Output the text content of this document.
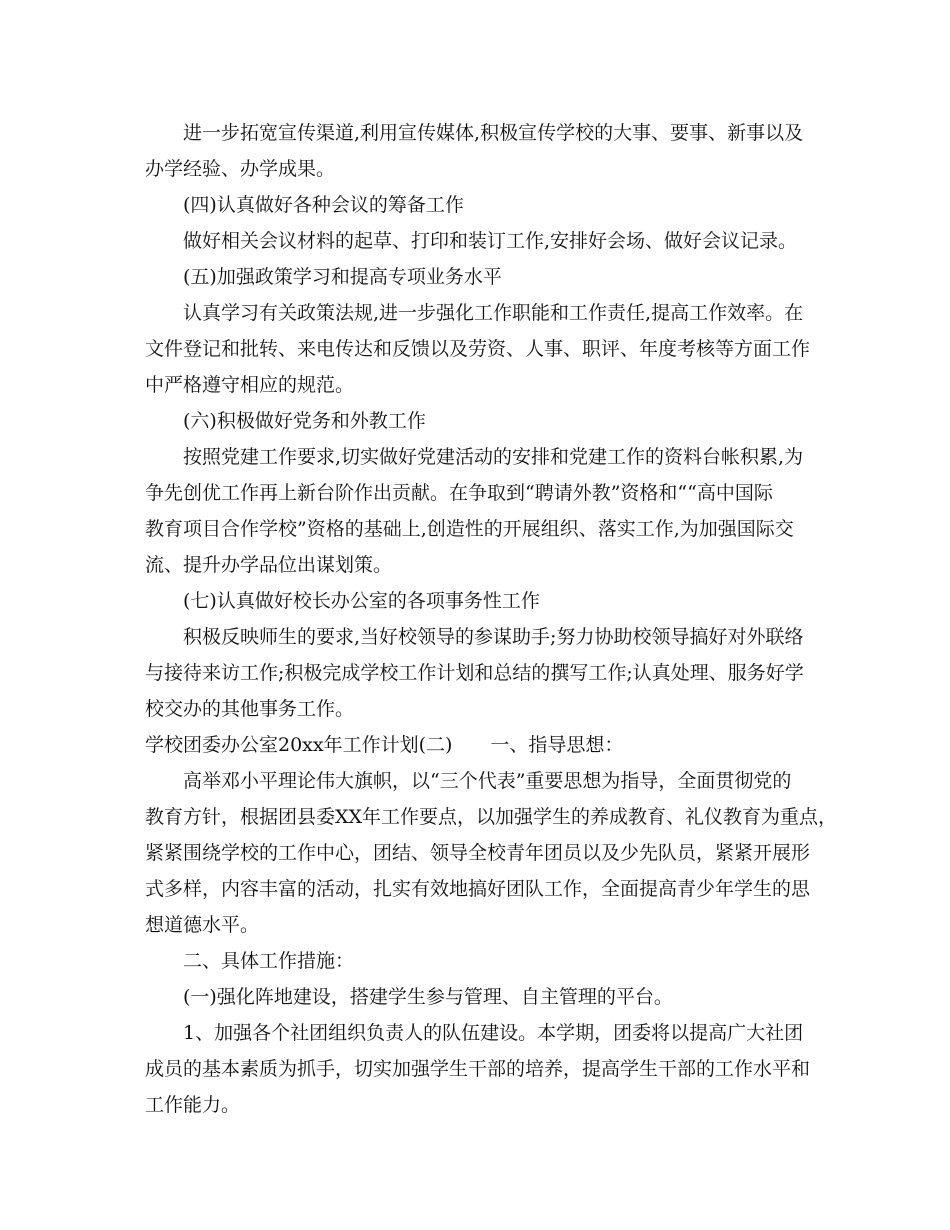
进一步拓宽宣传渠道,利用宣传媒体,积极宣传学校的大事、要事、新事以及
办学经验、办学成果。
(四)认真做好各种会议的筹备工作
做好相关会议材料的起草、打印和装订工作,安排好会场、做好会议记录。
(五)加强政策学习和提高专项业务水平
认真学习有关政策法规,进一步强化工作职能和工作责任,提高工作效率。在
文件登记和批转、来电传达和反馈以及劳资、人事、职评、年度考核等方面工作
中严格遵守相应的规范。
(六)积极做好党务和外教工作
按照党建工作要求,切实做好党建活动的安排和党建工作的资料台帐积累,为
争先创优工作再上新台阶作出贡献。在争取到“聘请外教”资格和““高中国际
教育项目合作学校”资格的基础上,创造性的开展组织、落实工作,为加强国际交
流、提升办学品位出谋划策。
(七)认真做好校长办公室的各项事务性工作
积极反映师生的要求,当好校领导的参谋助手;努力协助校领导搞好对外联络
与接待来访工作;积极完成学校工作计划和总结的撰写工作;认真处理、服务好学
校交办的其他事务工作。
学校团委办公室20xx年工作计划(二)　　一、指导思想：
高举邓小平理论伟大旗帜，以“三个代表”重要思想为指导，全面贯彻党的
教育方针，根据团县委XX年工作要点，以加强学生的养成教育、礼仪教育为重点，
紧紧围绕学校的工作中心，团结、领导全校青年团员以及少先队员，紧紧开展形
式多样，内容丰富的活动，扎实有效地搞好团队工作，全面提高青少年学生的思
想道德水平。
二、具体工作措施：
(一)强化阵地建设，搭建学生参与管理、自主管理的平台。
1、加强各个社团组织负责人的队伍建设。本学期，团委将以提高广大社团
成员的基本素质为抓手，切实加强学生干部的培养，提高学生干部的工作水平和
工作能力。
